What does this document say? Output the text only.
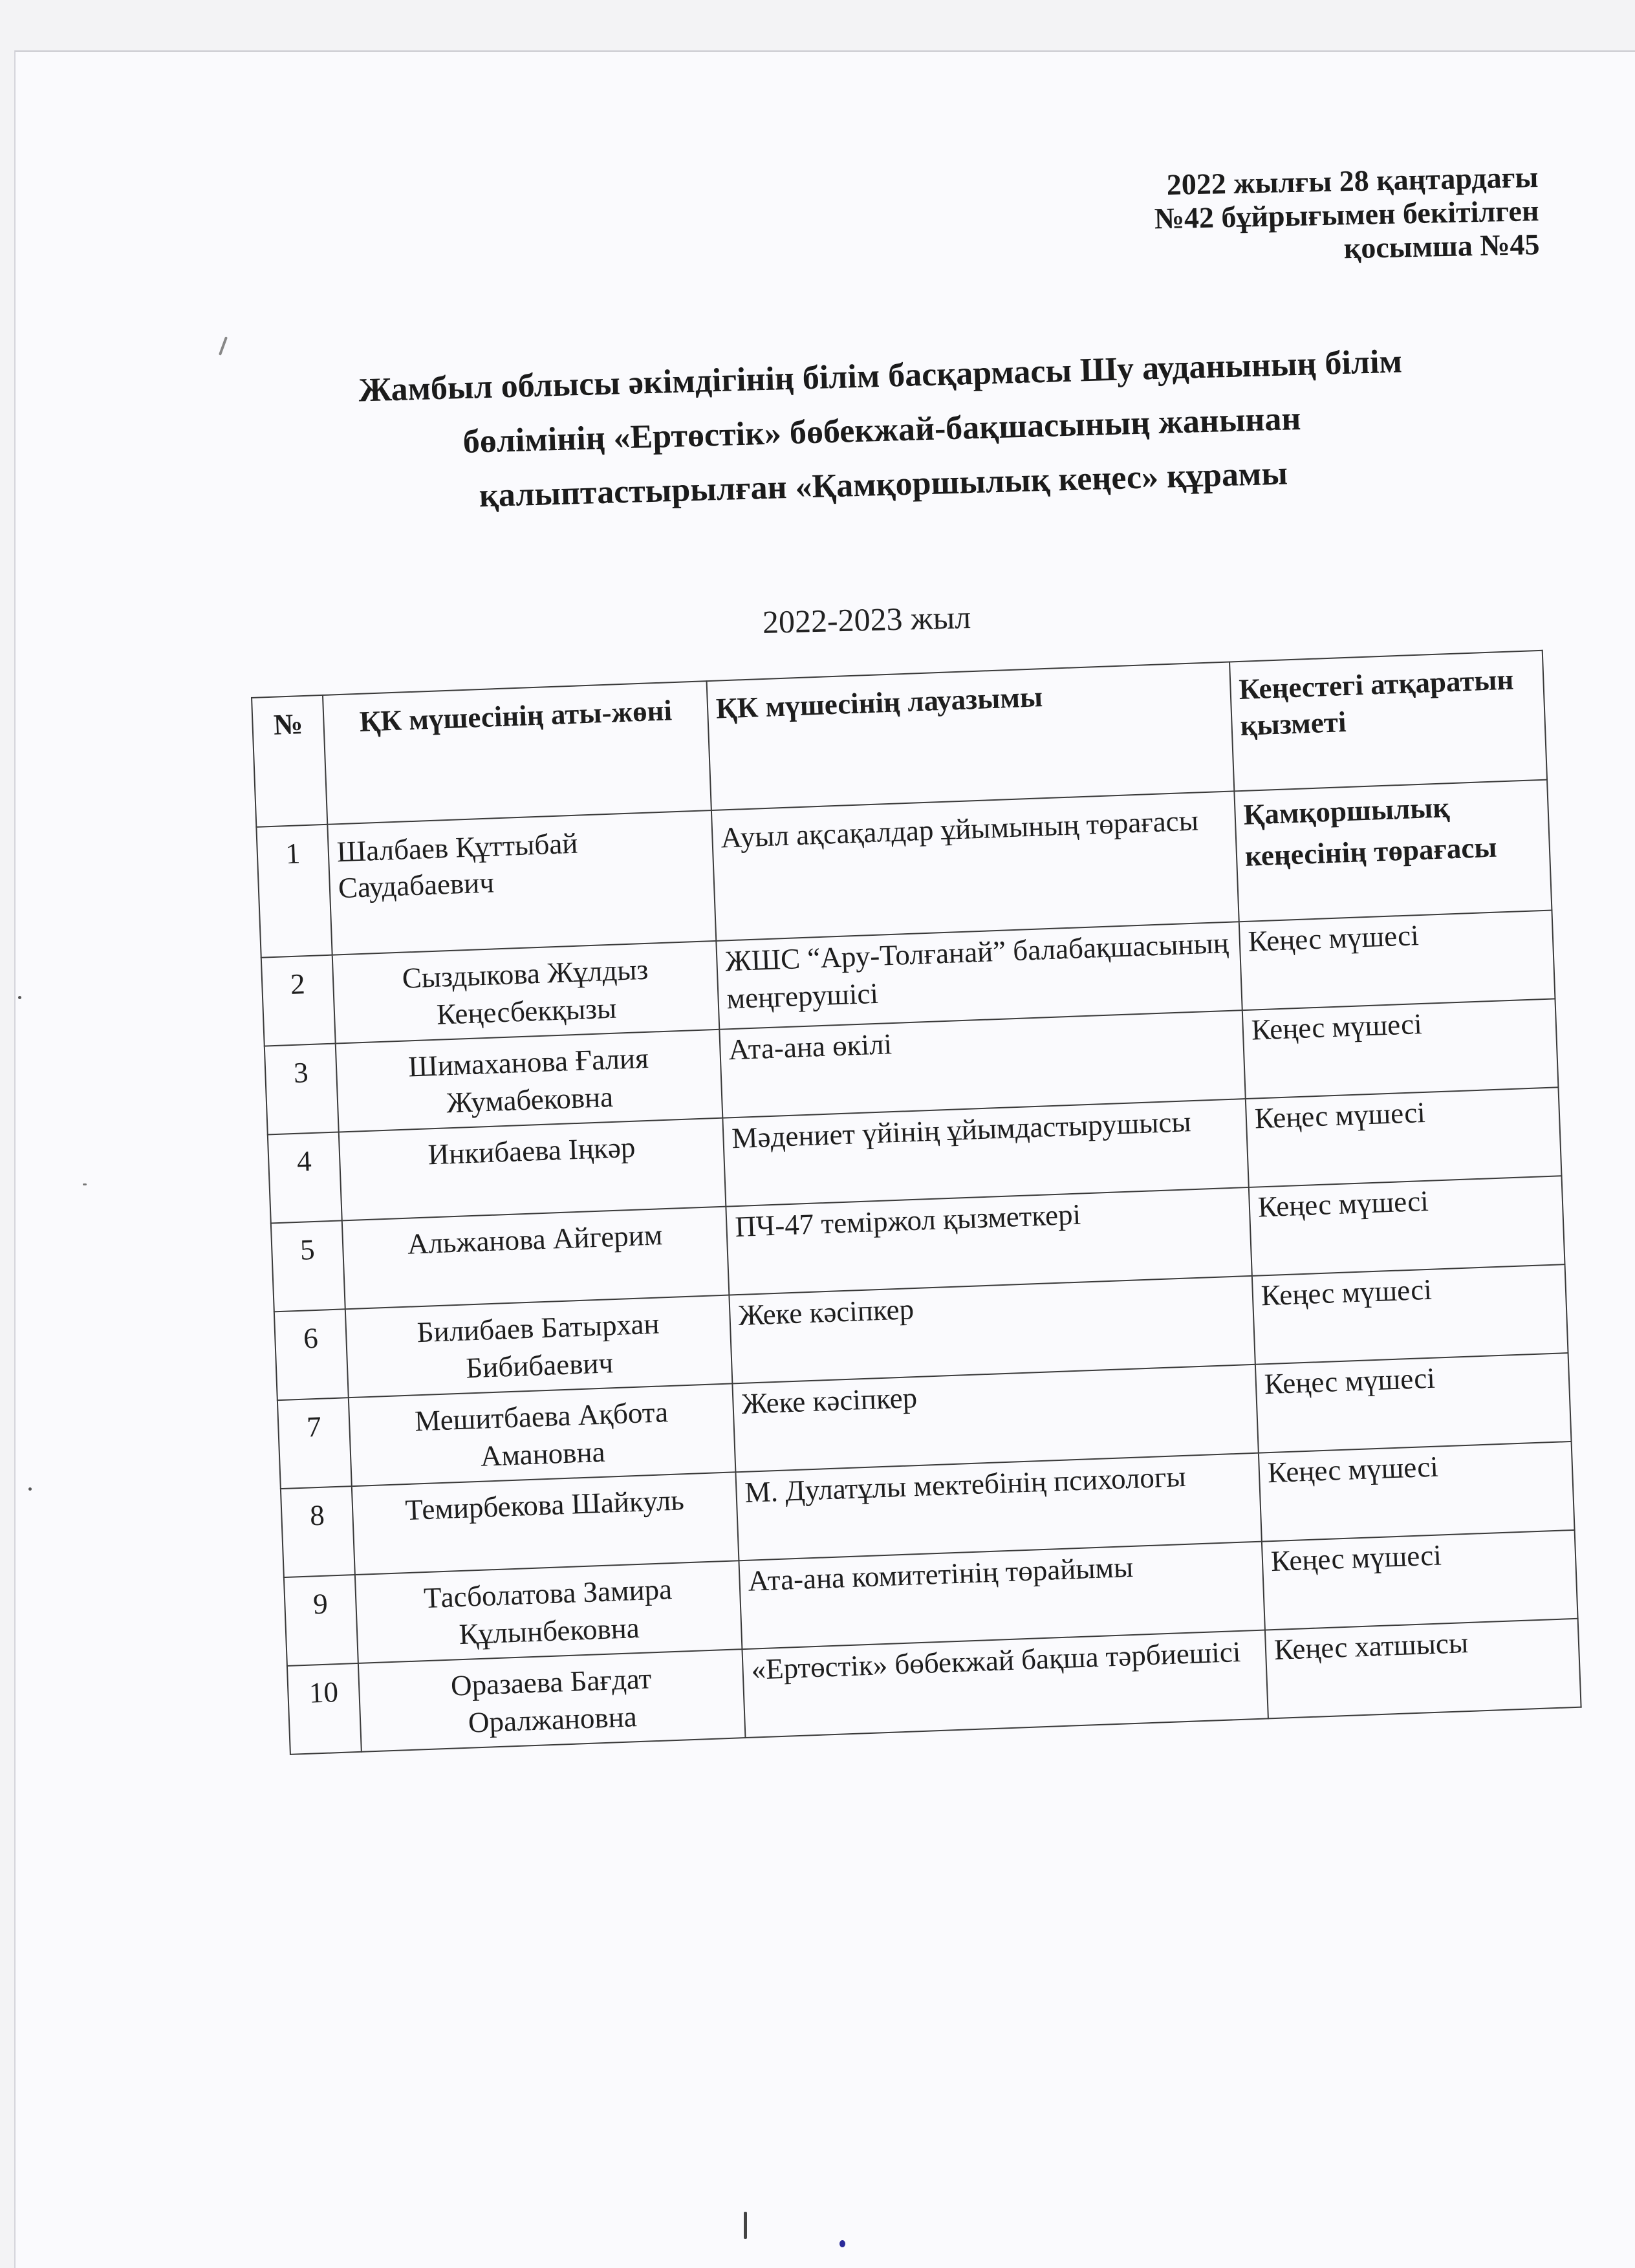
2022 жылғы 28 қаңтардағы
№42 бұйрығымен бекітілген
қосымша №45
Жамбыл облысы әкімдігінің білім басқармасы Шу ауданының білім
бөлімінің «Ертөстік» бөбекжай-бақшасының жанынан
қалыптастырылған «Қамқоршылық кеңес» құрамы
2022-2023 жыл
№	ҚК мүшесінің аты-жөні	ҚК мүшесінің лауазымы	Кеңестегі атқаратын қызметі
1	Шалбаев Құттыбай Саудабаевич	Ауыл ақсақалдар ұйымының төрағасы	Қамқоршылық кеңесінің төрағасы
2	Сыздыкова Жұлдыз Кеңесбекқызы	ЖШС “Ару-Толғанай” балабақшасының меңгерушісі	Кеңес мүшесі
3	Шимаханова Ғалия Жумабековна	Ата-ана өкілі	Кеңес мүшесі
4	Инкибаева Іңкәр	Мәдениет үйінің ұйымдастырушысы	Кеңес мүшесі
5	Альжанова Айгерим	ПЧ-47 теміржол қызметкері	Кеңес мүшесі
6	Билибаев Батырхан Бибибаевич	Жеке кәсіпкер	Кеңес мүшесі
7	Мешитбаева Ақбота Амановна	Жеке кәсіпкер	Кеңес мүшесі
8	Темирбекова Шайкуль	М. Дулатұлы мектебінің психологы	Кеңес мүшесі
9	Тасболатова Замира Құлынбековна	Ата-ана комитетінің төрайымы	Кеңес мүшесі
10	Оразаева Бағдат Оралжановна	«Ертөстік» бөбекжай бақша тәрбиешісі	Кеңес хатшысы
